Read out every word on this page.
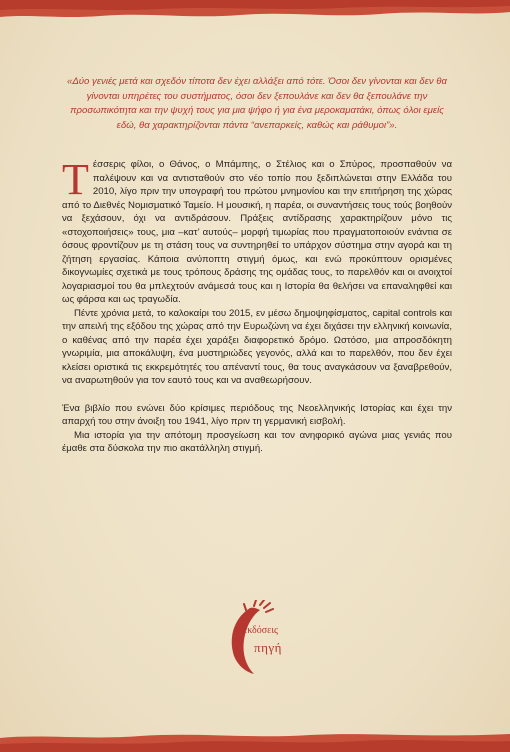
«Δύο γενιές μετά και σχεδόν τίποτα δεν έχει αλλάξει από τότε. Όσοι δεν γίνονται και δεν θα γίνονται υπηρέτες του συστήματος, όσοι δεν ξεπουλάνε και δεν θα ξεπουλάνε την προσωπικότητα και την ψυχή τους για μια ψήφο ή για ένα μεροκαματάκι, όπως όλοι εμείς εδώ, θα χαρακτηρίζονται πάντα “ανεπαρκείς, καθώς και ράθυμοι”».

Τέσσερις φίλοι, ο Θάνος, ο Μπάμπης, ο Στέλιος και ο Σπύρος, προσπαθούν να παλέψουν και να αντισταθούν στο νέο τοπίο που ξεδιπλώνεται στην Ελλάδα του 2010, λίγο πριν την υπογραφή του πρώτου μνημονίου και την επιτήρηση της χώρας από το Διεθνές Νομισματικό Ταμείο. Η μουσική, η παρέα, οι συναντήσεις τους τούς βοηθούν να ξεχάσουν, όχι να αντιδράσουν. Πράξεις αντίδρασης χαρακτηρίζουν μόνο τις «στοχοποιήσεις» τους, μια –κατ’ αυτούς– μορφή τιμωρίας που πραγματοποιούν ενάντια σε όσους φροντίζουν με τη στάση τους να συντηρηθεί το υπάρχον σύστημα στην αγορά και τη ζήτηση εργασίας. Κάποια ανύποπτη στιγμή όμως, και ενώ προκύπτουν ορισμένες δικογνωμίες σχετικά με τους τρόπους δράσης της ομάδας τους, το παρελθόν και οι ανοιχτοί λογαριασμοί του θα μπλεχτούν ανάμεσά τους και η Ιστορία θα θελήσει να επαναληφθεί και ως φάρσα και ως τραγωδία.

Πέντε χρόνια μετά, το καλοκαίρι του 2015, εν μέσω δημοψηφίσματος, capital controls και την απειλή της εξόδου της χώρας από την Ευρωζώνη να έχει διχάσει την ελληνική κοινωνία, ο καθένας από την παρέα έχει χαράξει διαφορετικό δρόμο. Ωστόσο, μια απροσδόκητη γνωριμία, μια αποκάλυψη, ένα μυστηριώδες γεγονός, αλλά και το παρελθόν, που δεν έχει κλείσει οριστικά τις εκκρεμότητές του απέναντί τους, θα τους αναγκάσουν να ξαναβρεθούν, να αναρωτηθούν για τον εαυτό τους και να αναθεωρήσουν.

Ένα βιβλίο που ενώνει δύο κρίσιμες περιόδους της Νεοελληνικής Ιστορίας και έχει την απαρχή του στην άνοιξη του 1941, λίγο πριν τη γερμανική εισβολή.

Μια ιστορία για την απότομη προσγείωση και τον ανηφορικό αγώνα μιας γενιάς που έμαθε στα δύσκολα την πιο ακατάλληλη στιγμή.

εκδόσεις
πηγή
